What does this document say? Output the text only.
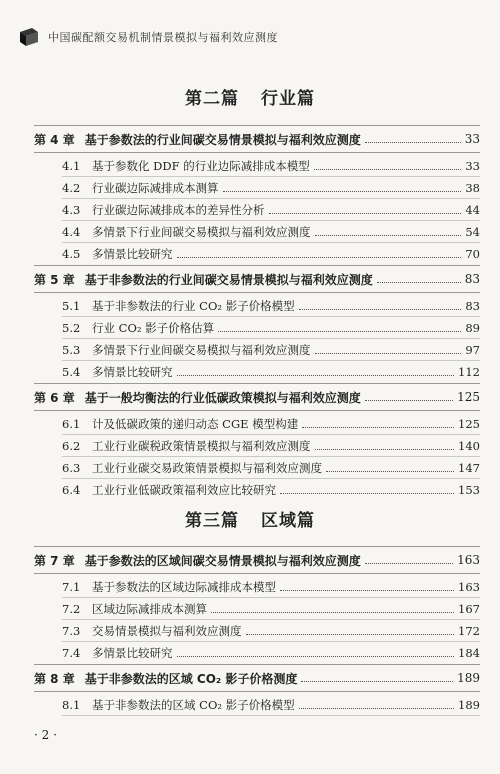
中国碳配额交易机制情景模拟与福利效应测度
第二篇 行业篇
第 4 章 基于参数法的行业间碳交易情景模拟与福利效应测度	33
4.1	基于参数化 DDF 的行业边际减排成本模型	33
4.2	行业碳边际减排成本测算	38
4.3	行业碳边际减排成本的差异性分析	44
4.4	多情景下行业间碳交易模拟与福利效应测度	54
4.5	多情景比较研究	70
第 5 章 基于非参数法的行业间碳交易情景模拟与福利效应测度	83
5.1	基于非参数法的行业 CO₂ 影子价格模型	83
5.2	行业 CO₂ 影子价格估算	89
5.3	多情景下行业间碳交易模拟与福利效应测度	97
5.4	多情景比较研究	112
第 6 章 基于一般均衡法的行业低碳政策模拟与福利效应测度	125
6.1	计及低碳政策的递归动态 CGE 模型构建	125
6.2	工业行业碳税政策情景模拟与福利效应测度	140
6.3	工业行业碳交易政策情景模拟与福利效应测度	147
6.4	工业行业低碳政策福利效应比较研究	153
第三篇 区域篇
第 7 章 基于参数法的区域间碳交易情景模拟与福利效应测度	163
7.1	基于参数法的区域边际减排成本模型	163
7.2	区域边际减排成本测算	167
7.3	交易情景模拟与福利效应测度	172
7.4	多情景比较研究	184
第 8 章 基于非参数法的区域 CO₂ 影子价格测度	189
8.1	基于非参数法的区域 CO₂ 影子价格模型	189
· 2 ·
